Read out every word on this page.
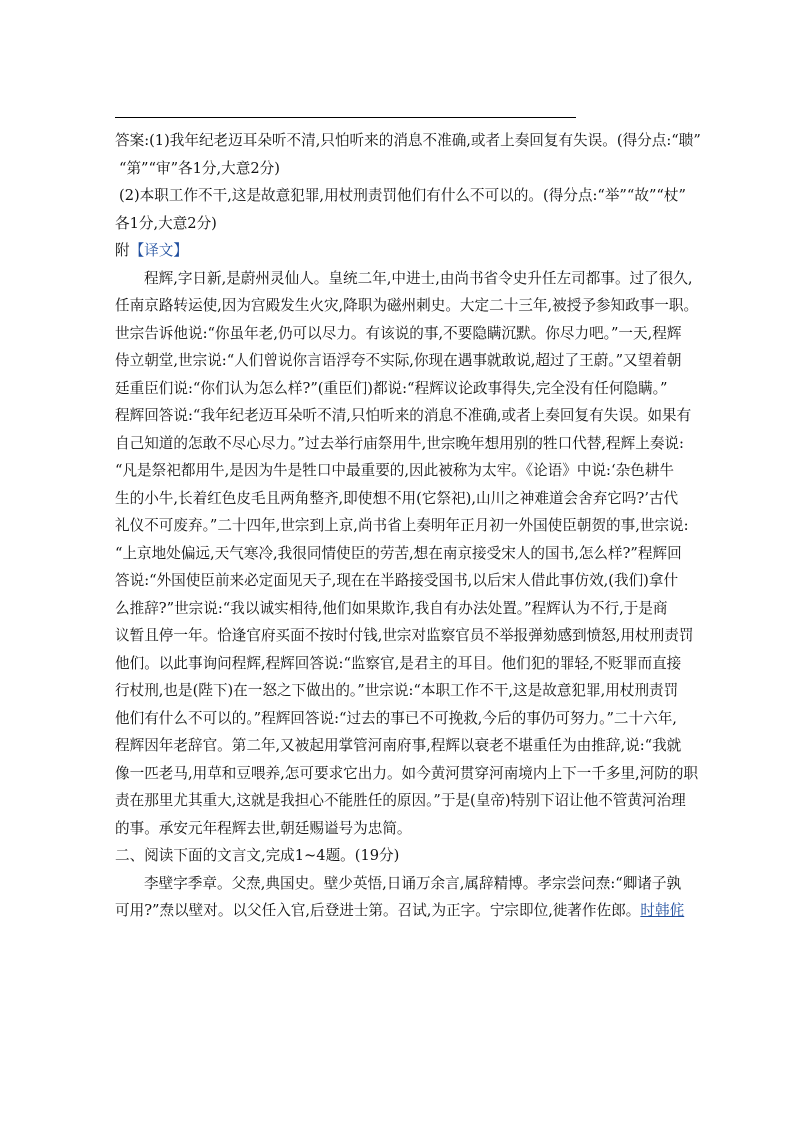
答案:(1)我年纪老迈耳朵听不清,只怕听来的消息不准确,或者上奏回复有失误。(得分点:“聩”
“第”“审”各1分,大意2分)
(2)本职工作不干,这是故意犯罪,用杖刑责罚他们有什么不可以的。(得分点:“举”“故”“杖”
各1分,大意2分)
附【译文】
程辉,字日新,是蔚州灵仙人。皇统二年,中进士,由尚书省令史升任左司都事。过了很久,
任南京路转运使,因为宫殿发生火灾,降职为磁州刺史。大定二十三年,被授予参知政事一职。
世宗告诉他说:“你虽年老,仍可以尽力。有该说的事,不要隐瞒沉默。你尽力吧。”一天,程辉
侍立朝堂,世宗说:“人们曾说你言语浮夸不实际,你现在遇事就敢说,超过了王蔚。”又望着朝
廷重臣们说:“你们认为怎么样?”(重臣们)都说:“程辉议论政事得失,完全没有任何隐瞒。”
程辉回答说:“我年纪老迈耳朵听不清,只怕听来的消息不准确,或者上奏回复有失误。如果有
自己知道的怎敢不尽心尽力。”过去举行庙祭用牛,世宗晚年想用别的牲口代替,程辉上奏说:
“凡是祭祀都用牛,是因为牛是牲口中最重要的,因此被称为太牢。《论语》中说:‘杂色耕牛
生的小牛,长着红色皮毛且两角整齐,即使想不用(它祭祀),山川之神难道会舍弃它吗?’古代
礼仪不可废弃。”二十四年,世宗到上京,尚书省上奏明年正月初一外国使臣朝贺的事,世宗说:
“上京地处偏远,天气寒冷,我很同情使臣的劳苦,想在南京接受宋人的国书,怎么样?”程辉回
答说:“外国使臣前来必定面见天子,现在在半路接受国书,以后宋人借此事仿效,(我们)拿什
么推辞?”世宗说:“我以诚实相待,他们如果欺诈,我自有办法处置。”程辉认为不行,于是商
议暂且停一年。恰逢官府买面不按时付钱,世宗对监察官员不举报弹劾感到愤怒,用杖刑责罚
他们。以此事询问程辉,程辉回答说:“监察官,是君主的耳目。他们犯的罪轻,不贬罪而直接
行杖刑,也是(陛下)在一怒之下做出的。”世宗说:“本职工作不干,这是故意犯罪,用杖刑责罚
他们有什么不可以的。”程辉回答说:“过去的事已不可挽救,今后的事仍可努力。”二十六年,
程辉因年老辞官。第二年,又被起用掌管河南府事,程辉以衰老不堪重任为由推辞,说:“我就
像一匹老马,用草和豆喂养,怎可要求它出力。如今黄河贯穿河南境内上下一千多里,河防的职
责在那里尤其重大,这就是我担心不能胜任的原因。”于是(皇帝)特别下诏让他不管黄河治理
的事。承安元年程辉去世,朝廷赐谥号为忠简。
二、阅读下面的文言文,完成1~4题。(19分)
李壁字季章。父焘,典国史。壁少英悟,日诵万余言,属辞精博。孝宗尝问焘:“卿诸子孰
可用?”焘以壁对。以父任入官,后登进士第。召试,为正字。宁宗即位,徙著作佐郎。时韩侂
